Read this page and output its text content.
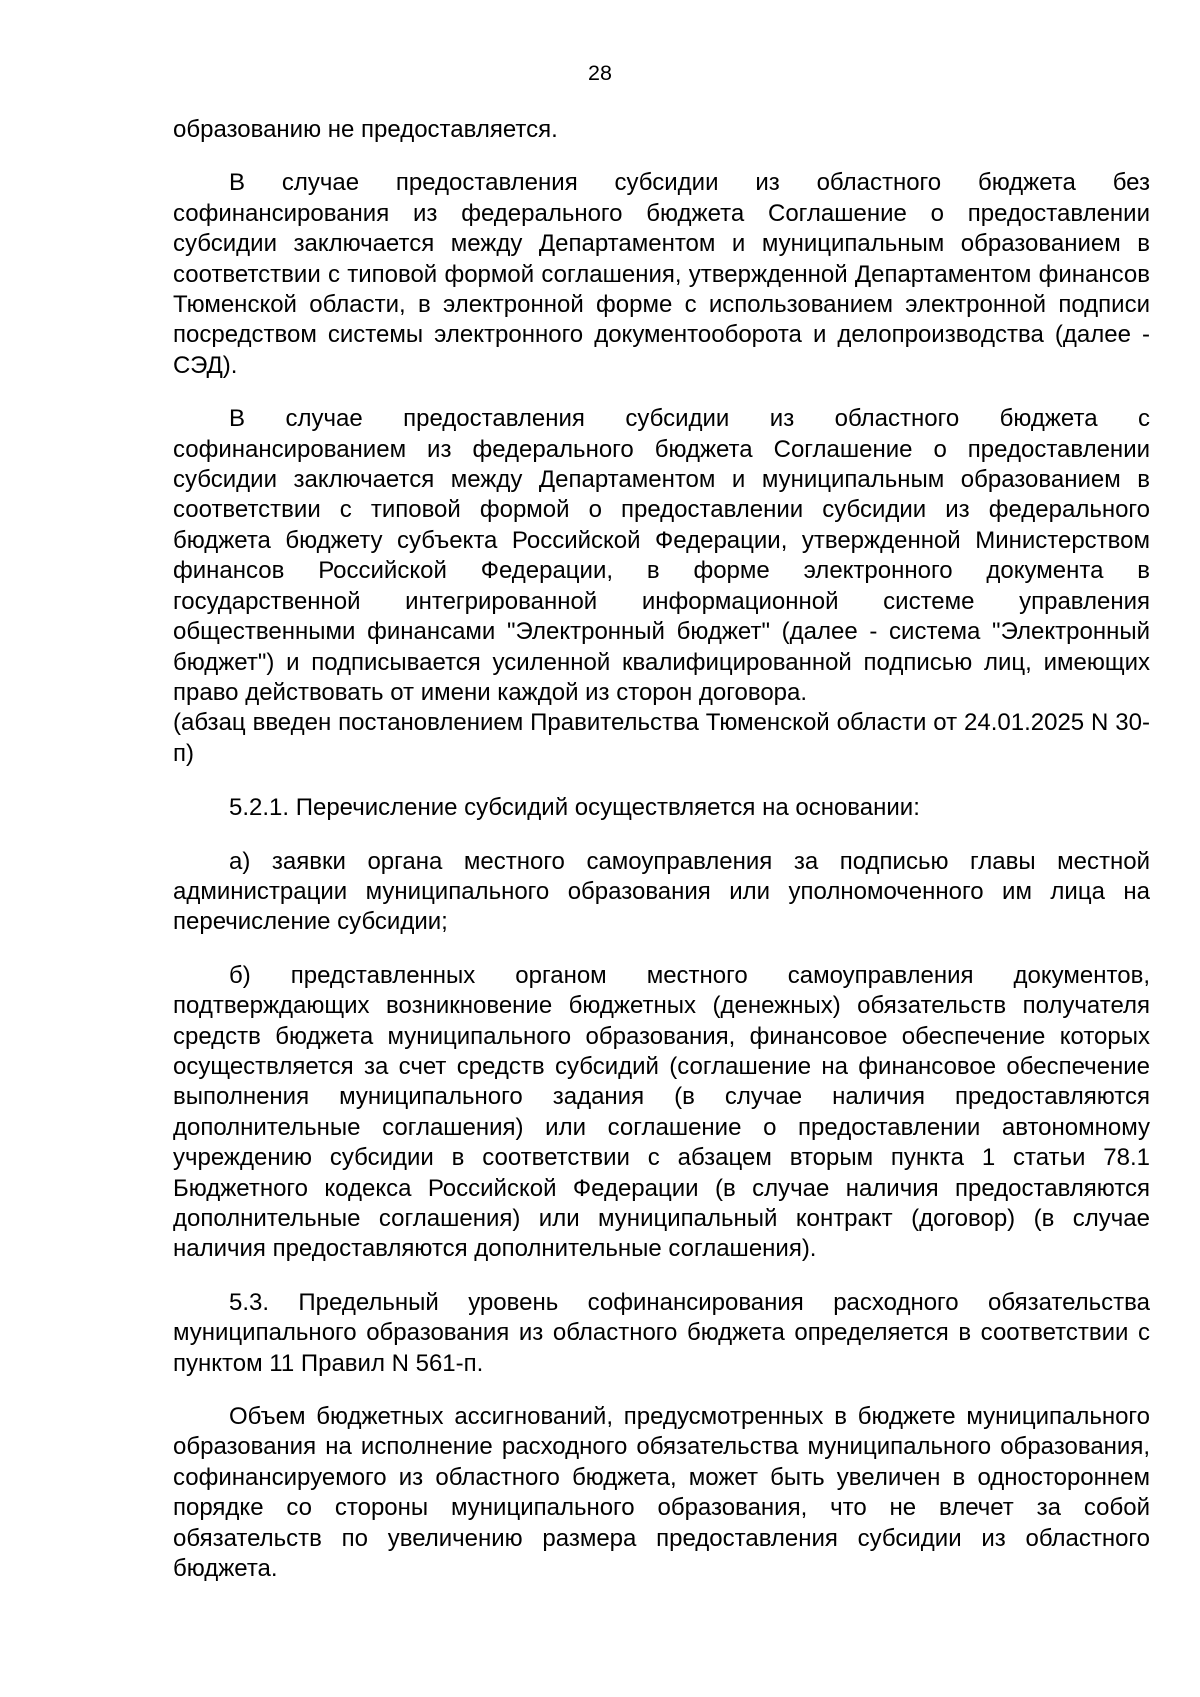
28

образованию не предоставляется.

В случае предоставления субсидии из областного бюджета без софинансирования из федерального бюджета Соглашение о предоставлении субсидии заключается между Департаментом и муниципальным образованием в соответствии с типовой формой соглашения, утвержденной Департаментом финансов Тюменской области, в электронной форме с использованием электронной подписи посредством системы электронного документооборота и делопроизводства (далее - СЭД).

В случае предоставления субсидии из областного бюджета с софинансированием из федерального бюджета Соглашение о предоставлении субсидии заключается между Департаментом и муниципальным образованием в соответствии с типовой формой о предоставлении субсидии из федерального бюджета бюджету субъекта Российской Федерации, утвержденной Министерством финансов Российской Федерации, в форме электронного документа в государственной интегрированной информационной системе управления общественными финансами "Электронный бюджет" (далее - система "Электронный бюджет") и подписывается усиленной квалифицированной подписью лиц, имеющих право действовать от имени каждой из сторон договора.

(абзац введен постановлением Правительства Тюменской области от 24.01.2025 N 30-п)

5.2.1. Перечисление субсидий осуществляется на основании:

а) заявки органа местного самоуправления за подписью главы местной администрации муниципального образования или уполномоченного им лица на перечисление субсидии;

б) представленных органом местного самоуправления документов, подтверждающих возникновение бюджетных (денежных) обязательств получателя средств бюджета муниципального образования, финансовое обеспечение которых осуществляется за счет средств субсидий (соглашение на финансовое обеспечение выполнения муниципального задания (в случае наличия предоставляются дополнительные соглашения) или соглашение о предоставлении автономному учреждению субсидии в соответствии с абзацем вторым пункта 1 статьи 78.1 Бюджетного кодекса Российской Федерации (в случае наличия предоставляются дополнительные соглашения) или муниципальный контракт (договор) (в случае наличия предоставляются дополнительные соглашения).

5.3. Предельный уровень софинансирования расходного обязательства муниципального образования из областного бюджета определяется в соответствии с пунктом 11 Правил N 561-п.

Объем бюджетных ассигнований, предусмотренных в бюджете муниципального образования на исполнение расходного обязательства муниципального образования, софинансируемого из областного бюджета, может быть увеличен в одностороннем порядке со стороны муниципального образования, что не влечет за собой обязательств по увеличению размера предоставления субсидии из областного бюджета.
